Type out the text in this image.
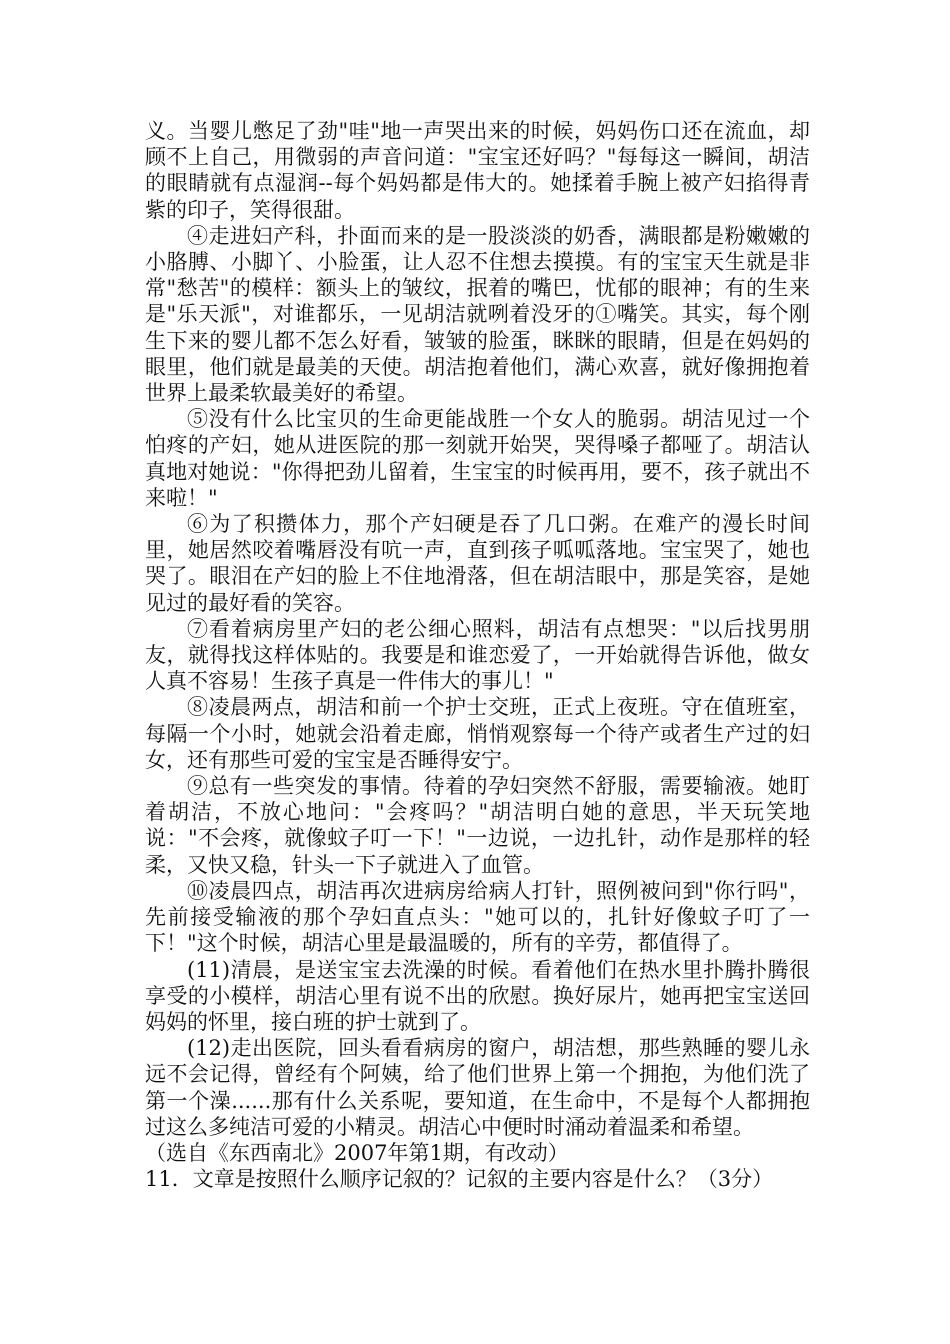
义。当婴儿憋足了劲"哇"地一声哭出来的时候，妈妈伤口还在流血，却顾不上自己，用微弱的声音问道："宝宝还好吗？"每每这一瞬间，胡洁的眼睛就有点湿润--每个妈妈都是伟大的。她揉着手腕上被产妇掐得青紫的印子，笑得很甜。

④走进妇产科，扑面而来的是一股淡淡的奶香，满眼都是粉嫩嫩的小胳膊、小脚丫、小脸蛋，让人忍不住想去摸摸。有的宝宝天生就是非常"愁苦"的模样：额头上的皱纹，抿着的嘴巴，忧郁的眼神；有的生来是"乐天派"，对谁都乐，一见胡洁就咧着没牙的①嘴笑。其实，每个刚生下来的婴儿都不怎么好看，皱皱的脸蛋，眯眯的眼睛，但是在妈妈的眼里，他们就是最美的天使。胡洁抱着他们，满心欢喜，就好像拥抱着世界上最柔软最美好的希望。

⑤没有什么比宝贝的生命更能战胜一个女人的脆弱。胡洁见过一个怕疼的产妇，她从进医院的那一刻就开始哭，哭得嗓子都哑了。胡洁认真地对她说："你得把劲儿留着，生宝宝的时候再用，要不，孩子就出不来啦！"

⑥为了积攒体力，那个产妇硬是吞了几口粥。在难产的漫长时间里，她居然咬着嘴唇没有吭一声，直到孩子呱呱落地。宝宝哭了，她也哭了。眼泪在产妇的脸上不住地滑落，但在胡洁眼中，那是笑容，是她见过的最好看的笑容。

⑦看着病房里产妇的老公细心照料，胡洁有点想哭："以后找男朋友，就得找这样体贴的。我要是和谁恋爱了，一开始就得告诉他，做女人真不容易！生孩子真是一件伟大的事儿！"

⑧凌晨两点，胡洁和前一个护士交班，正式上夜班。守在值班室，每隔一个小时，她就会沿着走廊，悄悄观察每一个待产或者生产过的妇女，还有那些可爱的宝宝是否睡得安宁。

⑨总有一些突发的事情。待着的孕妇突然不舒服，需要输液。她盯着胡洁，不放心地问："会疼吗？"胡洁明白她的意思，半天玩笑地说："不会疼，就像蚊子叮一下！"一边说，一边扎针，动作是那样的轻柔，又快又稳，针头一下子就进入了血管。

⑩凌晨四点，胡洁再次进病房给病人打针，照例被问到"你行吗"，先前接受输液的那个孕妇直点头："她可以的，扎针好像蚊子叮了一下！"这个时候，胡洁心里是最温暖的，所有的辛劳，都值得了。

(11)清晨，是送宝宝去洗澡的时候。看着他们在热水里扑腾扑腾很享受的小模样，胡洁心里有说不出的欣慰。换好尿片，她再把宝宝送回妈妈的怀里，接白班的护士就到了。

(12)走出医院，回头看看病房的窗户，胡洁想，那些熟睡的婴儿永远不会记得，曾经有个阿姨，给了他们世界上第一个拥抱，为他们洗了第一个澡......那有什么关系呢，要知道，在生命中，不是每个人都拥抱过这么多纯洁可爱的小精灵。胡洁心中便时时涌动着温柔和希望。

（选自《东西南北》2007年第1期，有改动）

11．文章是按照什么顺序记叙的？记叙的主要内容是什么？（3分）
